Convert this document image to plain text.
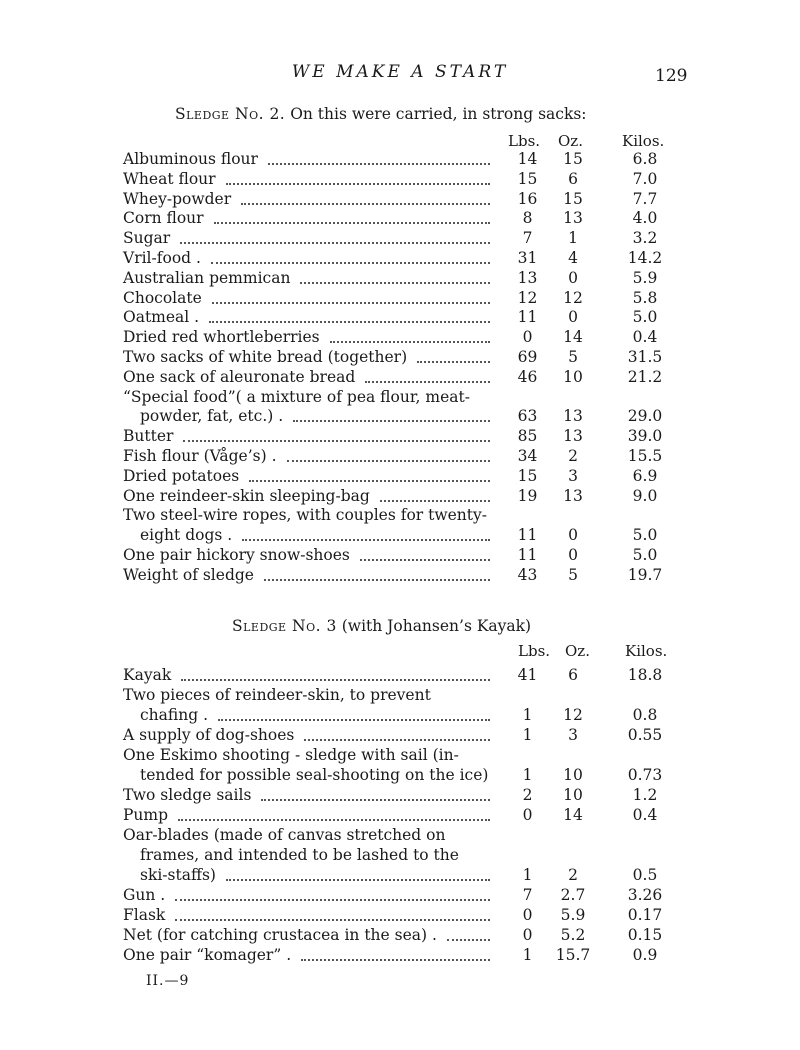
WE MAKE A START	129
Sledge No. 2. On this were carried, in strong sacks:
Lbs. Oz.	Kilos.
Albuminous flour	14	15	6.8
Wheat flour	15	6	7.0
Whey-powder	16	15	7.7
Corn flour	8	13	4.0
Sugar	7	1	3.2
Vril-food .	31	4	14.2
Australian pemmican	13	0	5.9
Chocolate	12	12	5.8
Oatmeal .	11	0	5.0
Dried red whortleberries	0	14	0.4
Two sacks of white bread (together)	69	5	31.5
One sack of aleuronate bread	46	10	21.2
“Special food”( a mixture of pea flour, meat-
powder, fat, etc.) .	63	13	29.0
Butter	85	13	39.0
Fish flour (Våge’s) .	34	2	15.5
Dried potatoes	15	3	6.9
One reindeer-skin sleeping-bag	19	13	9.0
Two steel-wire ropes, with couples for twenty-
eight dogs .	11	0	5.0
One pair hickory snow-shoes	11	0	5.0
Weight of sledge	43	5	19.7
Sledge No. 3 (with Johansen’s Kayak)
Lbs. Oz. Kilos.
Kayak	41	6	18.8
Two pieces of reindeer-skin, to prevent
chafing .	1	12	0.8
A supply of dog-shoes	1	3	0.55
One Eskimo shooting - sledge with sail (in-
tended for possible seal-shooting on the ice)	1	10	0.73
Two sledge sails	2	10	1.2
Pump	0	14	0.4
Oar-blades (made of canvas stretched on
frames, and intended to be lashed to the
ski-staffs)	1	2	0.5
Gun .	7	2.7	3.26
Flask	0	5.9	0.17
Net (for catching crustacea in the sea) .	0	5.2	0.15
One pair “komager” .	1	15.7	0.9
II.—9
